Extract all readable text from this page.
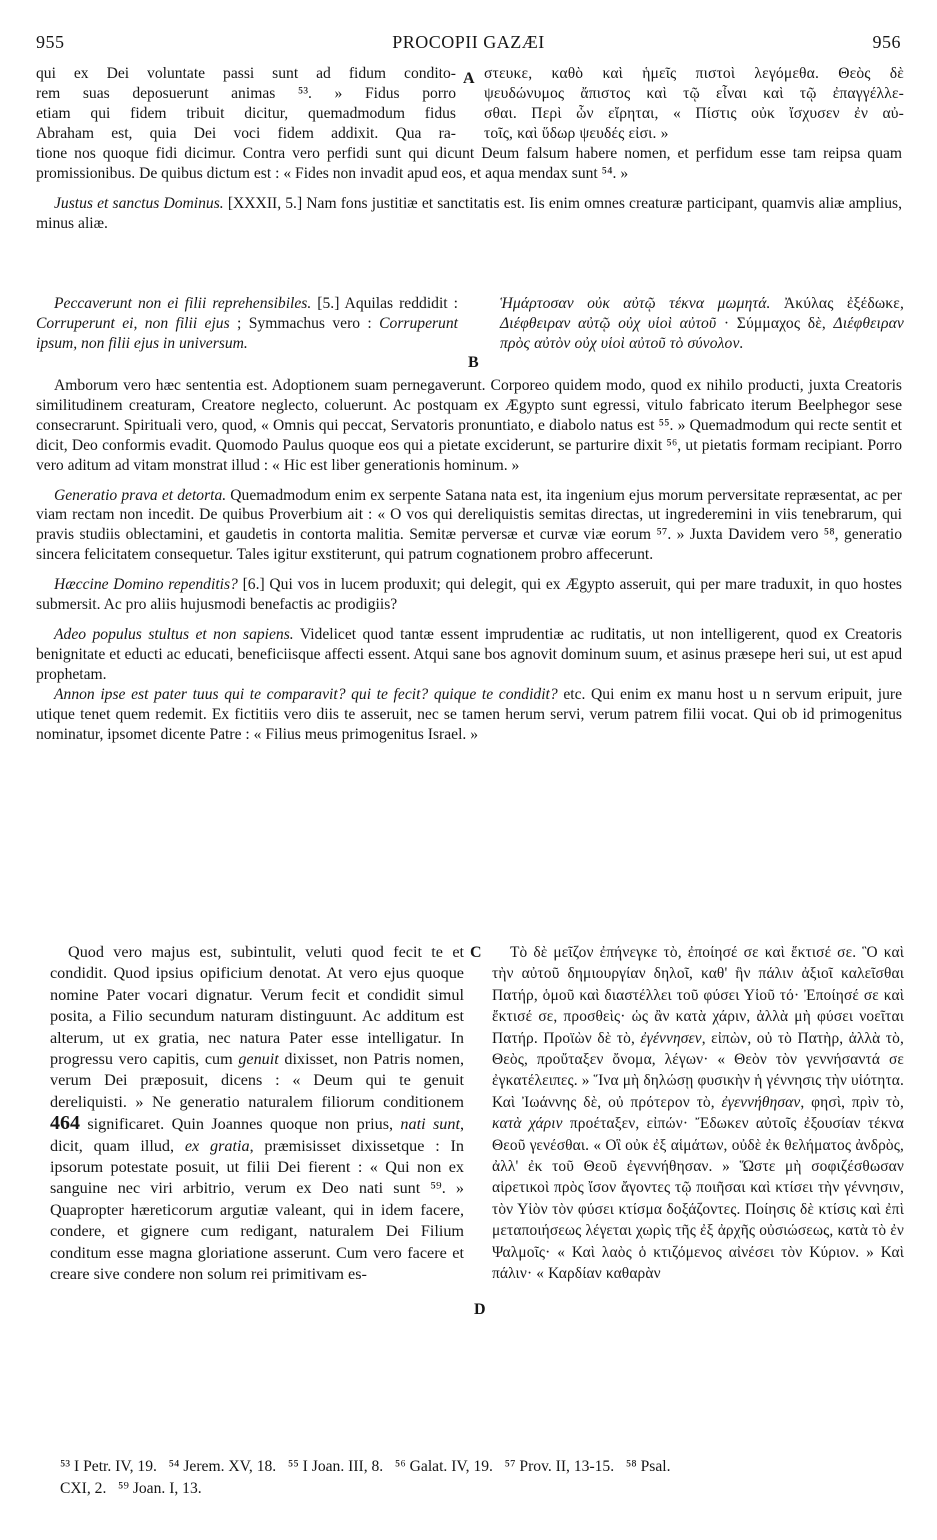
955	PROCOPII GAZÆI	956

qui ex Dei voluntate passi sunt ad fidum condito-

rem suas deposuerunt animas ⁵³. » Fidus porro

etiam qui fidem tribuit dicitur, quemadmodum fidus

Abraham est, quia Dei voci fidem addixit. Qua ra-

A στευκε, καθὸ καὶ ἡμεῖς πιστοὶ λεγόμεθα. Θεὸς δὲ

ψευδώνυμος ἄπιστος καὶ τῷ εἶναι καὶ τῷ ἐπαγγέλλε-

σθαι. Περὶ ὧν εἴρηται, « Πίστις οὐκ ἴσχυσεν ἐν αὐ-

τοῖς, καὶ ὕδωρ ψευδές εἰσι. »

tione nos quoque fidi dicimur. Contra vero perfidi sunt qui dicunt Deum falsum habere nomen, et perfidum esse tam reipsa quam promissionibus. De quibus dictum est : « Fides non invadit apud eos, et aqua mendax sunt ⁵⁴. »

Justus et sanctus Dominus. [XXXII, 5.] Nam fons justitiæ et sanctitatis est. Iis enim omnes creaturæ participant, quamvis aliæ amplius, minus aliæ.

Peccaverunt non ei filii reprehensibiles. [5.] Aquilas reddidit : Corruperunt ei, non filii ejus ; Symmachus vero : Corruperunt ipsum, non filii ejus in universum.

B

Ἡμάρτοσαν οὐκ αὐτῷ τέκνα μωμητά. Ἀκύλας ἐξέδωκε, Διέφθειραν αὐτῷ οὐχ υἱοὶ αὐτοῦ · Σύμμαχος δὲ, Διέφθειραν πρὸς αὐτὸν οὐχ υἱοὶ αὐτοῦ τὸ σύνολον.

Amborum vero hæc sententia est. Adoptionem suam pernegaverunt. Corporeo quidem modo, quod ex nihilo producti, juxta Creatoris similitudinem creaturam, Creatore neglecto, coluerunt. Ac postquam ex Ægypto sunt egressi, vitulo fabricato iterum Beelphegor sese consecrarunt. Spirituali vero, quod, « Omnis qui peccat, Servatoris pronuntiato, e diabolo natus est ⁵⁵. » Quemadmodum qui recte sentit et dicit, Deo conformis evadit. Quomodo Paulus quoque eos qui a pietate exciderunt, se parturire dixit ⁵⁶, ut pietatis formam recipiant. Porro vero aditum ad vitam monstrat illud : « Hic est liber generationis hominum. »

Generatio prava et detorta. Quemadmodum enim ex serpente Satana nata est, ita ingenium ejus morum perversitate repræsentat, ac per viam rectam non incedit. De quibus Proverbium ait : « O vos qui dereliquistis semitas directas, ut ingrederemini in viis tenebrarum, qui pravis studiis oblectamini, et gaudetis in contorta malitia. Semitæ perversæ et curvæ viæ eorum ⁵⁷. » Juxta Davidem vero ⁵⁸, generatio sincera felicitatem consequetur. Tales igitur exstiterunt, qui patrum cognationem probro affecerunt.

Hæccine Domino rependitis? [6.] Qui vos in lucem produxit; qui delegit, qui ex Ægypto asseruit, qui per mare traduxit, in quo hostes submersit. Ac pro aliis hujusmodi benefactis ac prodigiis?

Adeo populus stultus et non sapiens. Videlicet quod tantæ essent imprudentiæ ac ruditatis, ut non intelligerent, quod ex Creatoris benignitate et educti ac educati, beneficiisque affecti essent. Atqui sane bos agnovit dominum suum, et asinus præsepe heri sui, ut est apud prophetam.

Annon ipse est pater tuus qui te comparavit? qui te fecit? quique te condidit? etc. Qui enim ex manu host u n servum eripuit, jure utique tenet quem redemit. Ex fictitiis vero diis te asseruit, nec se tamen herum servi, verum patrem filii vocat. Qui ob id primogenitus nominatur, ipsomet dicente Patre : « Filius meus primogenitus Israel. »

Quod vero majus est, subintulit, veluti quod fecit te et condidit. Quod ipsius opificium denotat. At vero ejus quoque nomine Pater vocari dignatur. Verum fecit et condidit simul posita, a Filio secundum naturam distinguunt. Ac additum est alterum, ut ex gratia, nec natura Pater esse intelligatur. In progressu vero capitis, cum genuit dixisset, non Patris nomen, verum Dei præposuit, dicens : « Deum qui te genuit dereliquisti. » Ne generatio naturalem filiorum conditionem 464 significaret. Quin Joannes quoque non prius, nati sunt, dicit, quam illud, ex gratia, præmisisset dixissetque : In ipsorum potestate posuit, ut filii Dei fierent : « Qui non ex sanguine nec viri arbitrio, verum ex Deo nati sunt ⁵⁹. » Quapropter hæreticorum argutiæ valeant, qui in idem facere, condere, et gignere cum redigant, naturalem Dei Filium conditum esse magna gloriatione asserunt. Cum vero facere et creare sive condere non solum rei primitivam es-

C
D

Τὸ δὲ μεῖζον ἐπήνεγκε τὸ, ἐποίησέ σε καὶ ἔκτισέ σε. Ὃ καὶ τὴν αὐτοῦ δημιουργίαν δηλοῖ, καθ' ἣν πάλιν ἀξιοῖ καλεῖσθαι Πατήρ, ὁμοῦ καὶ διαστέλλει τοῦ φύσει Υἱοῦ τό· Ἐποίησέ σε καὶ ἔκτισέ σε, προσθεὶς· ὡς ἂν κατὰ χάριν, ἀλλὰ μὴ φύσει νοεῖται Πατήρ. Προϊὼν δὲ τὸ, ἐγέννησεν, εἰπὼν, οὐ τὸ Πατὴρ, ἀλλὰ τὸ, Θεὸς, προὔταξεν ὄνομα, λέγων· « Θεὸν τὸν γεννήσαντά σε ἐγκατέλειπες. » Ἵνα μὴ δηλώσῃ φυσικὴν ἡ γέννησις τὴν υἱότητα. Καὶ Ἰωάννης δὲ, οὐ πρότερον τὸ, ἐγεννήθησαν, φησὶ, πρὶν τὸ, κατὰ χάριν προέταξεν, εἰπών· Ἔδωκεν αὐτοῖς ἐξουσίαν τέκνα Θεοῦ γενέσθαι. « Οἳ οὐκ ἐξ αἱμάτων, οὐδὲ ἐκ θελήματος ἀνδρὸς, ἀλλ' ἐκ τοῦ Θεοῦ ἐγεννήθησαν. » Ὥστε μὴ σοφιζέσθωσαν αἱρετικοὶ πρὸς ἴσον ἄγοντες τῷ ποιῆσαι καὶ κτίσει τὴν γέννησιν, τὸν Υἱὸν τὸν φύσει κτίσμα δοξάζοντες. Ποίησις δὲ κτίσις καὶ ἐπὶ μεταποιήσεως λέγεται χωρὶς τῆς ἐξ ἀρχῆς οὐσιώσεως, κατὰ τὸ ἐν Ψαλμοῖς· « Καὶ λαὸς ὁ κτιζόμενος αἰνέσει τὸν Κύριον. » Καὶ πάλιν· « Καρδίαν καθαρὰν

⁵³ I Petr. IV, 19.   ⁵⁴ Jerem. XV, 18.   ⁵⁵ I Joan. III, 8.   ⁵⁶ Galat. IV, 19.   ⁵⁷ Prov. II, 13-15.   ⁵⁸ Psal.

CXI, 2.   ⁵⁹ Joan. I, 13.
